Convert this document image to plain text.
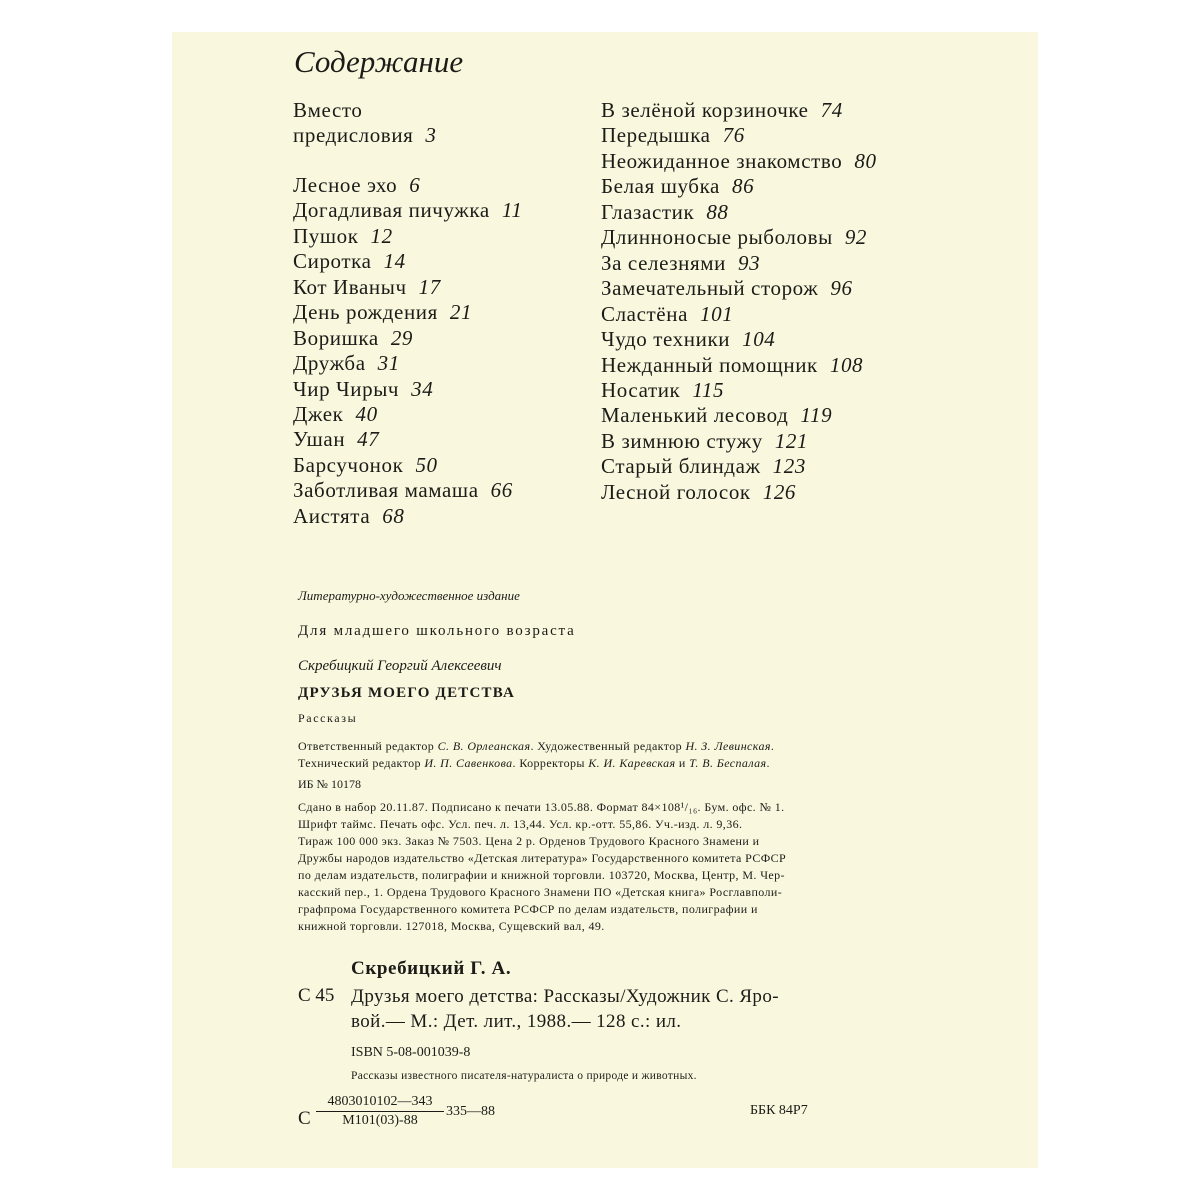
Содержание
Вместо
предисловия 3
Лесное эхо 6
Догадливая пичужка 11
Пушок 12
Сиротка 14
Кот Иваныч 17
День рождения 21
Воришка 29
Дружба 31
Чир Чирыч 34
Джек 40
Ушан 47
Барсучонок 50
Заботливая мамаша 66
Аистята 68
В зелёной корзиночке 74
Передышка 76
Неожиданное знакомство 80
Белая шубка 86
Глазастик 88
Длинноносые рыболовы 92
За селезнями 93
Замечательный сторож 96
Сластёна 101
Чудо техники 104
Нежданный помощник 108
Носатик 115
Маленький лесовод 119
В зимнюю стужу 121
Старый блиндаж 123
Лесной голосок 126
Литературно-художественное издание
Для младшего школьного возраста
Скребицкий Георгий Алексеевич
ДРУЗЬЯ МОЕГО ДЕТСТВА
Рассказы
Ответственный редактор С. В. Орлеанская. Художественный редактор Н. З. Левинская.
Технический редактор И. П. Савенкова. Корректоры К. И. Каревская и Т. В. Беспалая.
ИБ № 10178
Сдано в набор 20.11.87. Подписано к печати 13.05.88. Формат 84×108¹/₁₆. Бум. офс. № 1.
Шрифт таймс. Печать офс. Усл. печ. л. 13,44. Усл. кр.-отт. 55,86. Уч.-изд. л. 9,36.
Тираж 100 000 экз. Заказ № 7503. Цена 2 р. Орденов Трудового Красного Знамени и
Дружбы народов издательство «Детская литература» Государственного комитета РСФСР
по делам издательств, полиграфии и книжной торговли. 103720, Москва, Центр, М. Чер-
касский пер., 1. Ордена Трудового Красного Знамени ПО «Детская книга» Росглавполи-
графпрома Государственного комитета РСФСР по делам издательств, полиграфии и
книжной торговли. 127018, Москва, Сущевский вал, 49.
Скребицкий Г. А.
С 45 Друзья моего детства: Рассказы/Художник С. Яро-
вой.— М.: Дет. лит., 1988.— 128 с.: ил.
ISBN 5-08-001039-8
Рассказы известного писателя-натуралиста о природе и животных.
С
4803010102—343
М101(03)-88
335—88	ББК 84Р7
